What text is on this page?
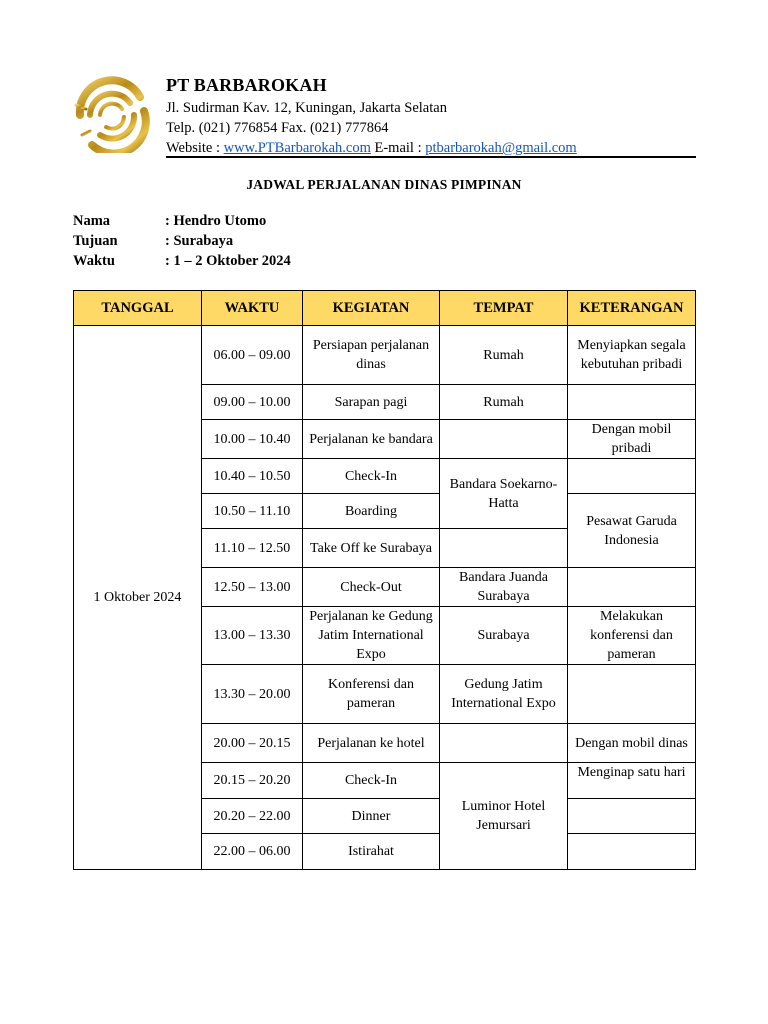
PT BARBAROKAH
Jl. Sudirman Kav. 12, Kuningan, Jakarta Selatan
Telp. (021) 776854 Fax. (021) 777864
Website : www.PTBarbarokah.com E-mail : ptbarbarokah@gmail.com
JADWAL PERJALANAN DINAS PIMPINAN
Nama	: Hendro Utomo
Tujuan	: Surabaya
Waktu	: 1 – 2 Oktober 2024
TANGGAL	WAKTU	KEGIATAN	TEMPAT	KETERANGAN
1 Oktober 2024	06.00 – 09.00	Persiapan perjalanan dinas	Rumah	Menyiapkan segala kebutuhan pribadi
	09.00 – 10.00	Sarapan pagi	Rumah	
	10.00 – 10.40	Perjalanan ke bandara		Dengan mobil pribadi
	10.40 – 10.50	Check-In	Bandara Soekarno-Hatta	
	10.50 – 11.10	Boarding		Pesawat Garuda Indonesia
	11.10 – 12.50	Take Off ke Surabaya		
	12.50 – 13.00	Check-Out	Bandara Juanda Surabaya	
	13.00 – 13.30	Perjalanan ke Gedung Jatim International Expo	Surabaya	Melakukan konferensi dan pameran
	13.30 – 20.00	Konferensi dan pameran	Gedung Jatim International Expo	
	20.00 – 20.15	Perjalanan ke hotel		Dengan mobil dinas
	20.15 – 20.20	Check-In	Luminor Hotel Jemursari	Menginap satu hari
	20.20 – 22.00	Dinner		
	22.00 – 06.00	Istirahat		
